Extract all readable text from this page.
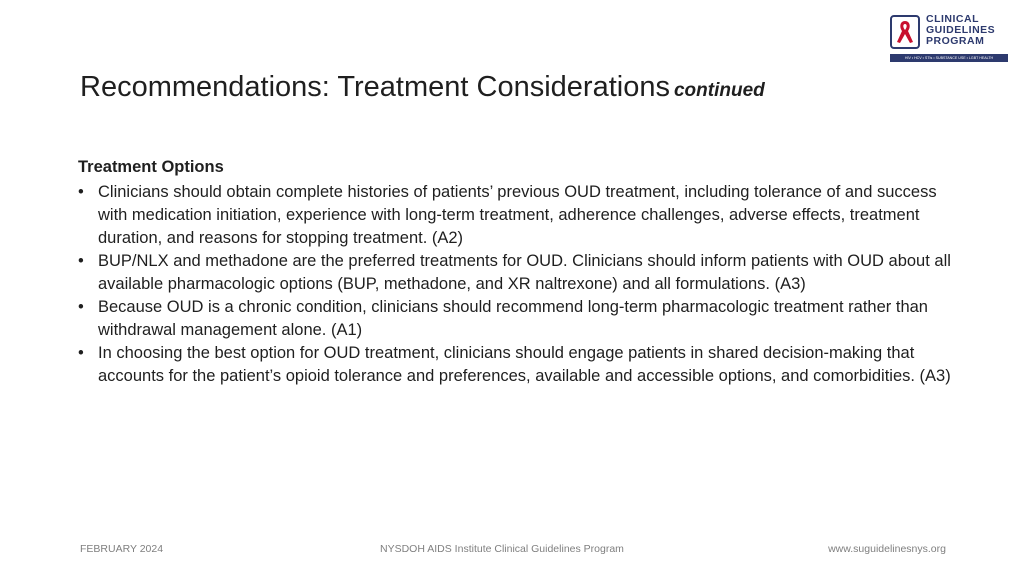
CLINICAL
GUIDELINES
PROGRAM
HIV • HCV • STIs • SUBSTANCE USE • LGBT HEALTH
Recommendations: Treatment Considerations continued

Treatment Options

• Clinicians should obtain complete histories of patients’ previous OUD treatment, including tolerance of and success with medication initiation, experience with long-term treatment, adherence challenges, adverse effects, treatment duration, and reasons for stopping treatment. (A2)
• BUP/NLX and methadone are the preferred treatments for OUD. Clinicians should inform patients with OUD about all available pharmacologic options (BUP, methadone, and XR naltrexone) and all formulations. (A3)
• Because OUD is a chronic condition, clinicians should recommend long-term pharmacologic treatment rather than withdrawal management alone. (A1)
• In choosing the best option for OUD treatment, clinicians should engage patients in shared decision-making that accounts for the patient’s opioid tolerance and preferences, available and accessible options, and comorbidities. (A3)
FEBRUARY 2024	NYSDOH AIDS Institute Clinical Guidelines Program	www.suguidelinesnys.org
